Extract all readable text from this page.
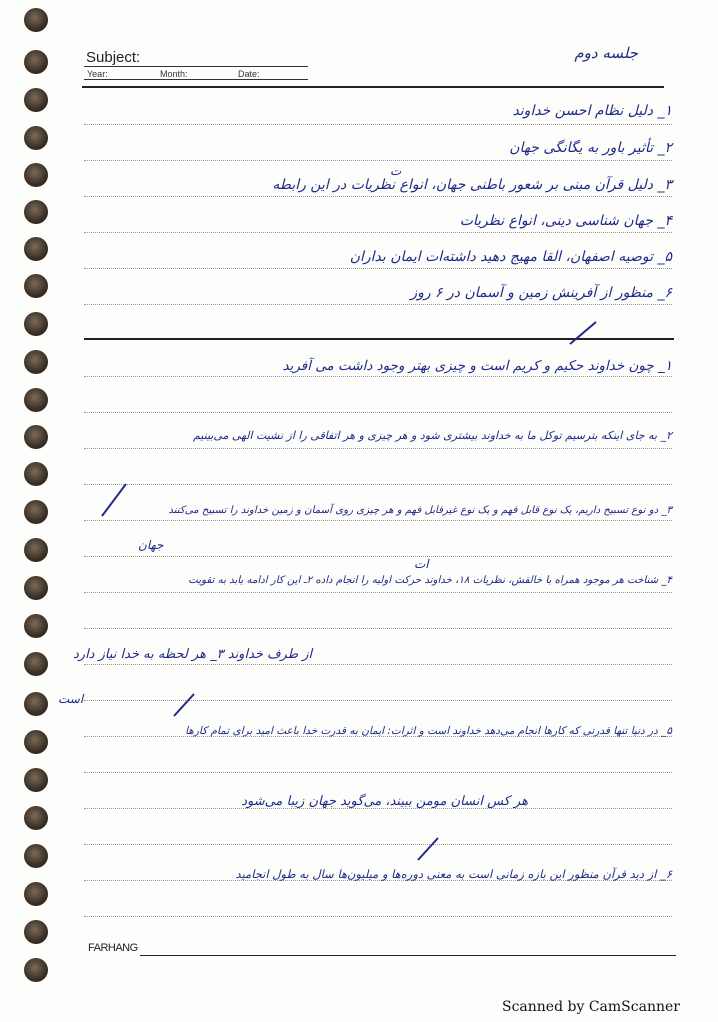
Subject:
Year:	Month:	Date:
جلسه دوم
۱_ دلیل نظام احسن خداوند
۲_ تأثیر باور به یگانگی جهان
۳_ دلیل قرآن مبنی بر شعور باطنی جهان، انواع نظریات در این رابطه
۴_ جهان شناسی دینی، انواع نظریات
۵_ توصیه اصفهان، القا مهیج دهید داشته‌ات ایمان بداران
۶_ منظور از آفرینش زمین و آسمان در ۶ روز
ت
۱_ چون خداوند حکیم و کریم است و چیزی بهتر وجود داشت می آفرید
۲_ به جای اینکه بترسیم توکل ما به خداوند بیشتری شود و هر چیزی و هر اتفاقی را از نشیت الهی می‌بینیم
۳_ دو نوع تسبیح داریم، یک نوع قابل فهم و یک نوع غیرقابل فهم و هر چیزی روی آسمان و زمین خداوند را تسبیح می‌کنند
۴_ شناخت هر موجود همراه با خالقش، نظریات ۱۸، خداوند حرکت اولیه را انجام داده ۲ـ این کار ادامه یابد به تقویت
از طرف خداوند ۳_ هر لحظه به خدا نیاز دارد
۵_ در دنیا تنها قدرتی که کارها انجام می‌دهد خداوند است و اثرات: ایمان به قدرت خدا باعث امید برای تمام کارها
هر کس انسان مومن ببیند، می‌گوید جهان زیبا می‌شود
۶_ از دید قرآن منظور این بازه زمانی است به معنی دوره‌ها و میلیون‌ها سال به طول انجامید
جهان
ات
است
FARHANG
Scanned by CamScanner
